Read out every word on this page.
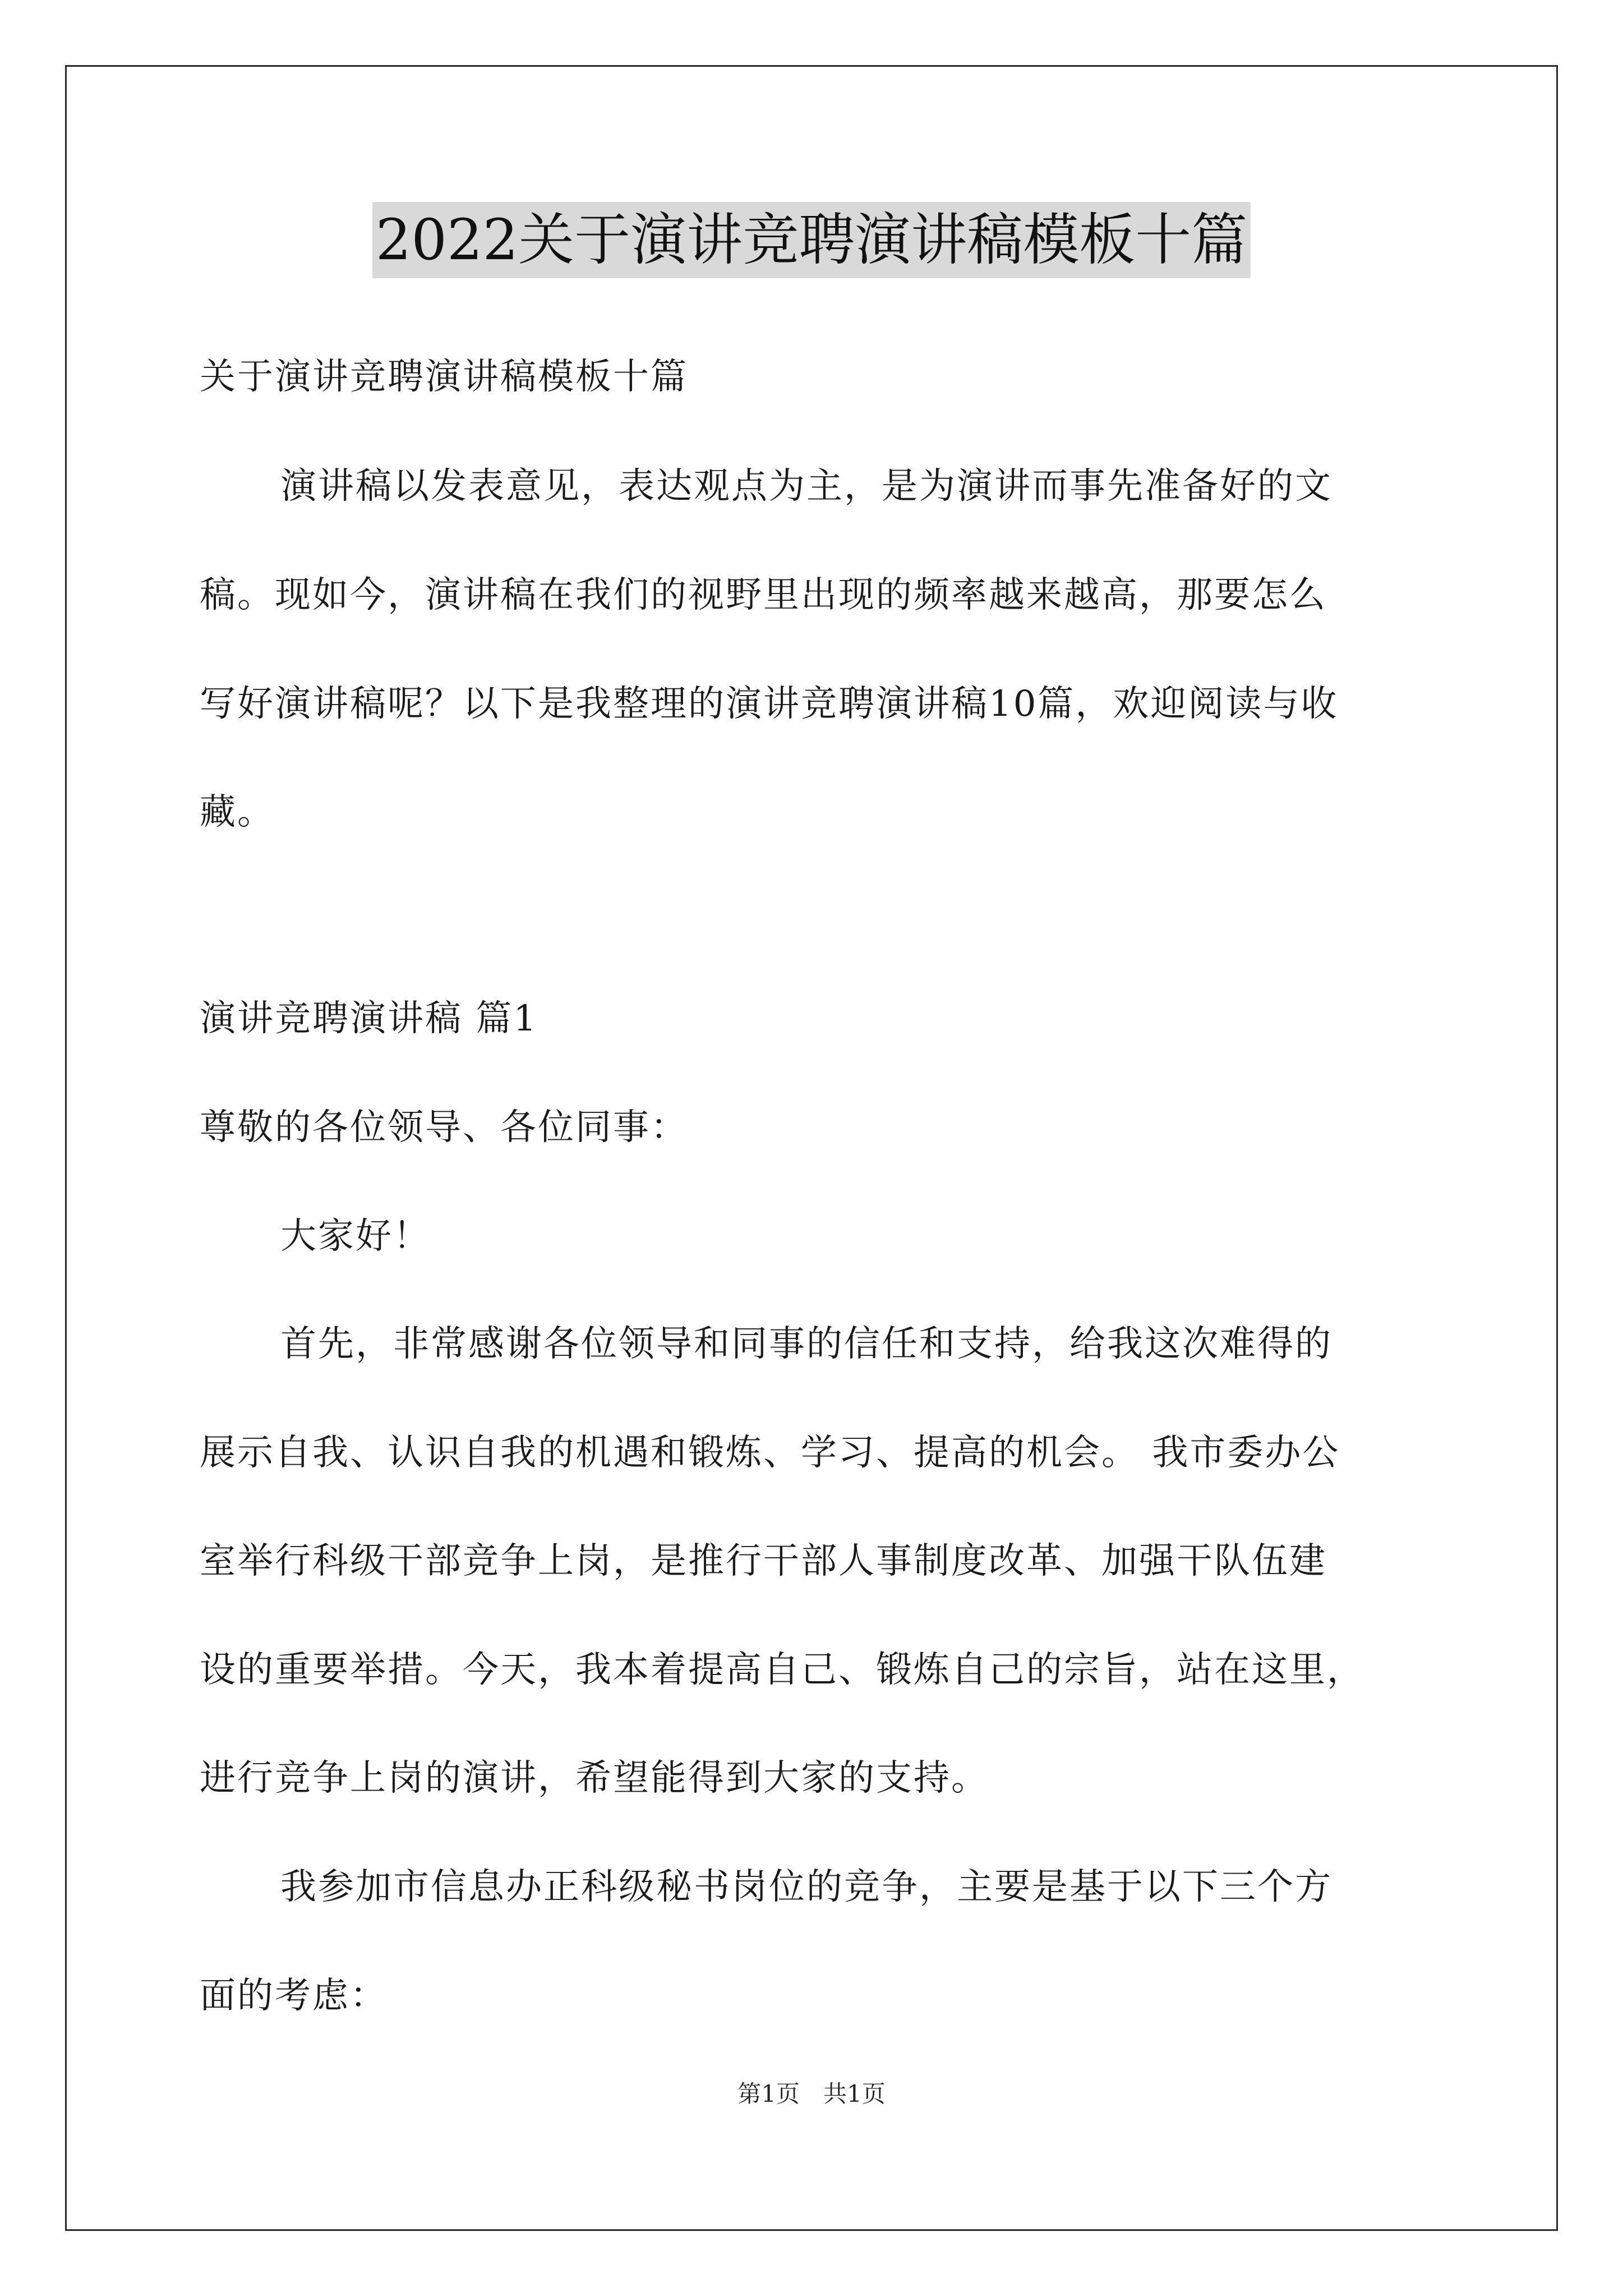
2022关于演讲竞聘演讲稿模板十篇
关于演讲竞聘演讲稿模板十篇
演讲稿以发表意见，表达观点为主，是为演讲而事先准备好的文
稿。现如今，演讲稿在我们的视野里出现的频率越来越高，那要怎么
写好演讲稿呢？以下是我整理的演讲竞聘演讲稿10篇，欢迎阅读与收
藏。
演讲竞聘演讲稿 篇1
尊敬的各位领导、各位同事：
大家好！
首先，非常感谢各位领导和同事的信任和支持，给我这次难得的
展示自我、认识自我的机遇和锻炼、学习、提高的机会。 我市委办公
室举行科级干部竞争上岗，是推行干部人事制度改革、加强干队伍建
设的重要举措。今天，我本着提高自己、锻炼自己的宗旨，站在这里，
进行竞争上岗的演讲，希望能得到大家的支持。
我参加市信息办正科级秘书岗位的竞争，主要是基于以下三个方
面的考虑：
第1页　共1页
